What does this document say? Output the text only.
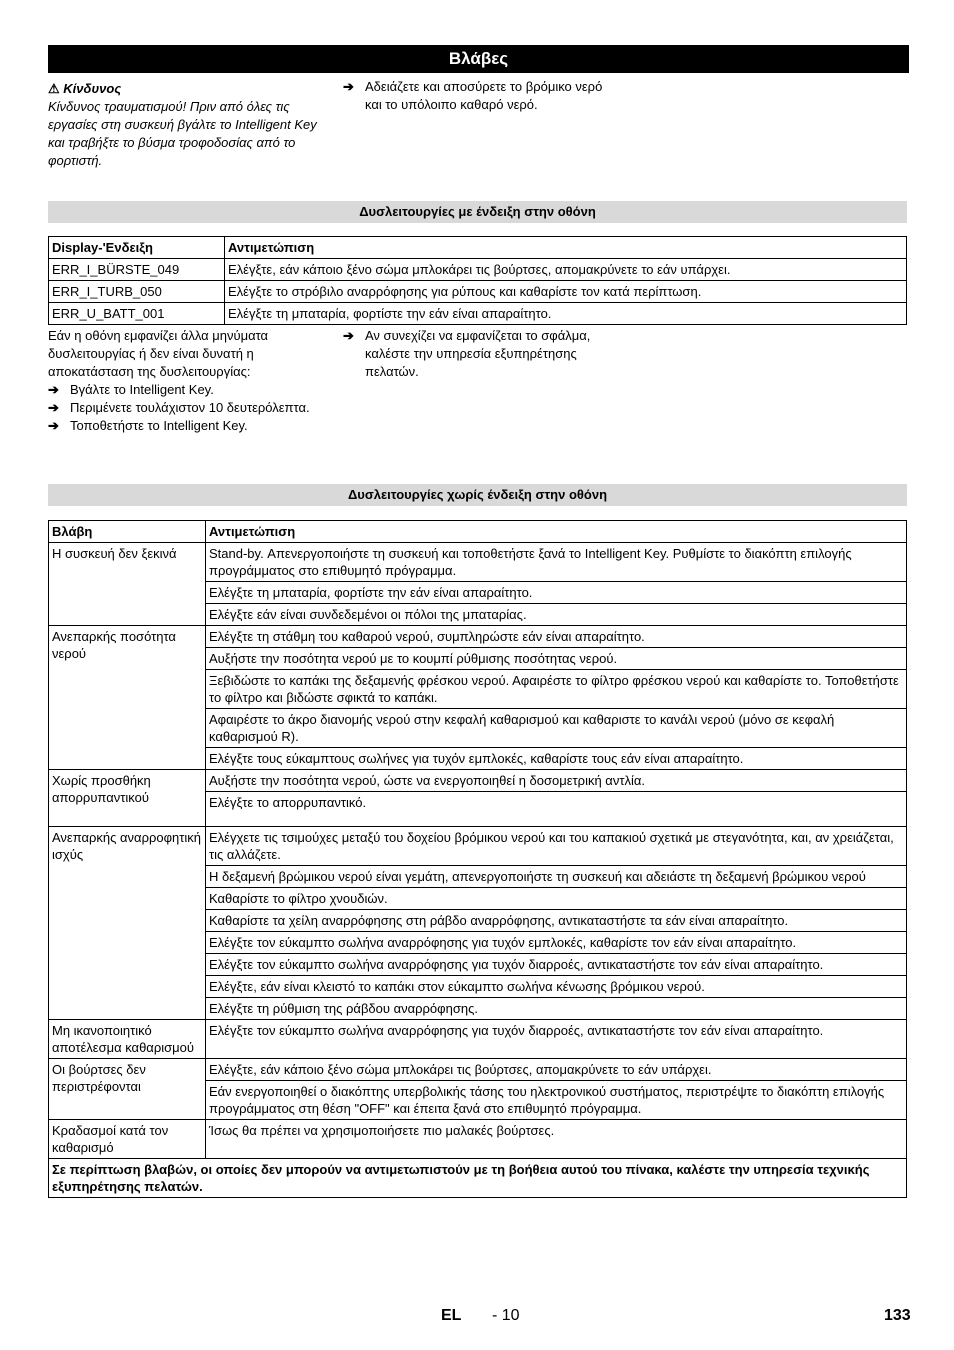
Βλάβες
⚠ Κίνδυνος
Κίνδυνος τραυματισμού! Πριν από όλες τις εργασίες στη συσκευή βγάλτε το Intelligent Key και τραβήξτε το βύσμα τροφοδοσίας από το φορτιστή.
➔ Αδειάζετε και αποσύρετε το βρόμικο νερό και το υπόλοιπο καθαρό νερό.
Δυσλειτουργίες με ένδειξη στην οθόνη
Display-'Ενδειξη	Αντιμετώπιση
ERR_I_BÜRSTE_049	Ελέγξτε, εάν κάποιο ξένο σώμα μπλοκάρει τις βούρτσες, απομακρύνετε το εάν υπάρχει.
ERR_I_TURB_050	Ελέγξτε το στρόβιλο αναρρόφησης για ρύπους και καθαρίστε τον κατά περίπτωση.
ERR_U_BATT_001	Ελέγξτε τη μπαταρία, φορτίστε την εάν είναι απαραίτητο.
Εάν η οθόνη εμφανίζει άλλα μηνύματα δυσλειτουργίας ή δεν είναι δυνατή η αποκατάσταση της δυσλειτουργίας:
➔ Βγάλτε το Intelligent Key.
➔ Περιμένετε τουλάχιστον 10 δευτερόλεπτα.
➔ Τοποθετήστε το Intelligent Key.
➔ Αν συνεχίζει να εμφανίζεται το σφάλμα, καλέστε την υπηρεσία εξυπηρέτησης πελατών.
Δυσλειτουργίες χωρίς ένδειξη στην οθόνη
Βλάβη	Αντιμετώπιση
Η συσκευή δεν ξεκινά	Stand-by. Απενεργοποιήστε τη συσκευή και τοποθετήστε ξανά το Intelligent Key. Ρυθμίστε το διακόπτη επιλογής προγράμματος στο επιθυμητό πρόγραμμα.
	Ελέγξτε τη μπαταρία, φορτίστε την εάν είναι απαραίτητο.
	Ελέγξτε εάν είναι συνδεδεμένοι οι πόλοι της μπαταρίας.
Ανεπαρκής ποσότητα νερού	Ελέγξτε τη στάθμη του καθαρού νερού, συμπληρώστε εάν είναι απαραίτητο.
	Αυξήστε την ποσότητα νερού με το κουμπί ρύθμισης ποσότητας νερού.
	Ξεβιδώστε το καπάκι της δεξαμενής φρέσκου νερού. Αφαιρέστε το φίλτρο φρέσκου νερού και καθαρίστε το. Τοποθετήστε το φίλτρο και βιδώστε σφικτά το καπάκι.
	Αφαιρέστε το άκρο διανομής νερού στην κεφαλή καθαρισμού και καθαριστε το κανάλι νερού (μόνο σε κεφαλή καθαρισμού R).
	Ελέγξτε τους εύκαμπτους σωλήνες για τυχόν εμπλοκές, καθαρίστε τους εάν είναι απαραίτητο.
Χωρίς προσθήκη απορρυπαντικού	Αυξήστε την ποσότητα νερού, ώστε να ενεργοποιηθεί η δοσομετρική αντλία.
	Ελέγξτε το απορρυπαντικό.
Ανεπαρκής αναρροφητική ισχύς	Ελέγχετε τις τσιμούχες μεταξύ του δοχείου βρόμικου νερού και του καπακιού σχετικά με στεγανότητα, και, αν χρειάζεται, τις αλλάζετε.
	Η δεξαμενή βρώμικου νερού είναι γεμάτη, απενεργοποιήστε τη συσκευή και αδειάστε τη δεξαμενή βρώμικου νερού
	Καθαρίστε το φίλτρο χνουδιών.
	Καθαρίστε τα χείλη αναρρόφησης στη ράβδο αναρρόφησης, αντικαταστήστε τα εάν είναι απαραίτητο.
	Ελέγξτε τον εύκαμπτο σωλήνα αναρρόφησης για τυχόν εμπλοκές, καθαρίστε τον εάν είναι απαραίτητο.
	Ελέγξτε τον εύκαμπτο σωλήνα αναρρόφησης για τυχόν διαρροές, αντικαταστήστε τον εάν είναι απαραίτητο.
	Ελέγξτε, εάν είναι κλειστό το καπάκι στον εύκαμπτο σωλήνα κένωσης βρόμικου νερού.
	Ελέγξτε τη ρύθμιση της ράβδου αναρρόφησης.
Μη ικανοποιητικό αποτέλεσμα καθαρισμού	Ελέγξτε τον εύκαμπτο σωλήνα αναρρόφησης για τυχόν διαρροές, αντικαταστήστε τον εάν είναι απαραίτητο.
Οι βούρτσες δεν περιστρέφονται	Ελέγξτε, εάν κάποιο ξένο σώμα μπλοκάρει τις βούρτσες, απομακρύνετε το εάν υπάρχει.
	Εάν ενεργοποιηθεί ο διακόπτης υπερβολικής τάσης του ηλεκτρονικού συστήματος, περιστρέψτε το διακόπτη επιλογής προγράμματος στη θέση "OFF" και έπειτα ξανά στο επιθυμητό πρόγραμμα.
Κραδασμοί κατά τον καθαρισμό	Ίσως θα πρέπει να χρησιμοποιήσετε πιο μαλακές βούρτσες.
Σε περίπτωση βλαβών, οι οποίες δεν μπορούν να αντιμετωπιστούν με τη βοήθεια αυτού του πίνακα, καλέστε την υπηρεσία τεχνικής εξυπηρέτησης πελατών.	
EL - 10	133
